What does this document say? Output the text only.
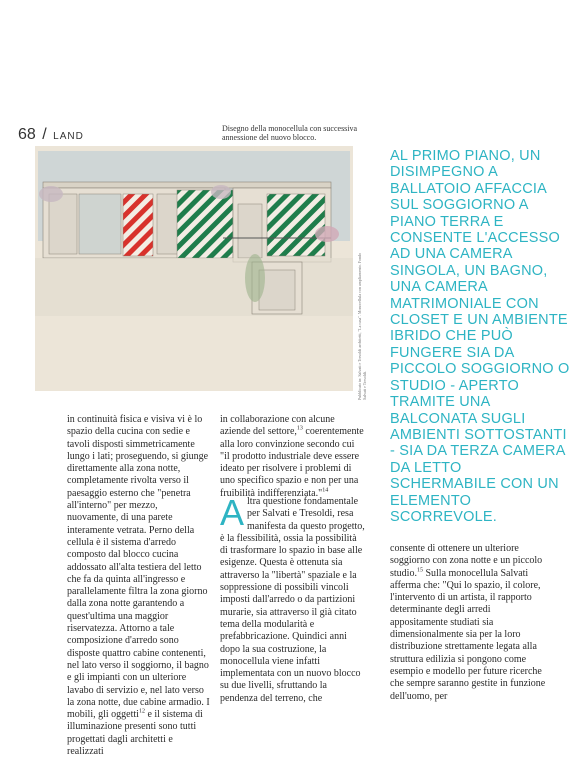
68 / LAND
Disegno della monocellula con successiva annessione del nuovo blocco.
Pubblicato in: Salvati e Tresoldi architetti, "La casa". Monocellula con ampliamento. Fondo Salvati e Tresoldi.
AL PRIMO PIANO, UN DISIMPEGNO A BALLATOIO AFFACCIA SUL SOGGIORNO A PIANO TERRA E CONSENTE L'ACCESSO AD UNA CAMERA SINGOLA, UN BAGNO, UNA CAMERA MATRIMONIALE CON CLOSET E UN AMBIENTE IBRIDO CHE PUÒ FUNGERE SIA DA PICCOLO SOGGIORNO O STUDIO - APERTO TRAMITE UNA BALCONATA SUGLI AMBIENTI SOTTOSTANTI - SIA DA TERZA CAMERA DA LETTO SCHERMABILE CON UN ELEMENTO SCORREVOLE.
in continuità fisica e visiva vi è lo spazio della cucina con sedie e tavoli disposti simmetricamente lungo i lati; proseguendo, si giunge direttamente alla zona notte, completamente rivolta verso il paesaggio esterno che "penetra all'interno" per mezzo, nuovamente, di una parete interamente vetrata. Perno della cellula è il sistema d'arredo composto dal blocco cucina addossato all'alta testiera del letto che fa da quinta all'ingresso e parallelamente filtra la zona giorno dalla zona notte garantendo a quest'ultima una maggior riservatezza. Attorno a tale composizione d'arredo sono disposte quattro cabine contenenti, nel lato verso il soggiorno, il bagno e gli impianti con un ulteriore lavabo di servizio e, nel lato verso la zona notte, due cabine armadio. I mobili, gli oggetti$^{12}$ e il sistema di illuminazione presenti sono tutti progettati dagli architetti e realizzati
in collaborazione con alcune aziende del settore,$^{13}$ coerentemente alla loro convinzione secondo cui "il prodotto industriale deve essere ideato per risolvere i problemi di uno specifico spazio e non per una fruibilità indifferenziata."$^{14}$
Altra questione fondamentale per Salvati e Tresoldi, resa manifesta da questo progetto, è la flessibilità, ossia la possibilità di trasformare lo spazio in base alle esigenze. Questa è ottenuta sia attraverso la "libertà" spaziale e la soppressione di possibili vincoli imposti dall'arredo o da partizioni murarie, sia attraverso il già citato tema della modularità e prefabbricazione. Quindici anni dopo la sua costruzione, la monocellula viene infatti implementata con un nuovo blocco su due livelli, sfruttando la pendenza del terreno, che
consente di ottenere un ulteriore soggiorno con zona notte e un piccolo studio.$^{15}$ Sulla monocellula Salvati afferma che: "Qui lo spazio, il colore, l'intervento di un artista, il rapporto determinante degli arredi appositamente studiati sia dimensionalmente sia per la loro distribuzione strettamente legata alla struttura edilizia si pongono come esempio e modello per future ricerche che sempre saranno gestite in funzione dell'uomo, per
